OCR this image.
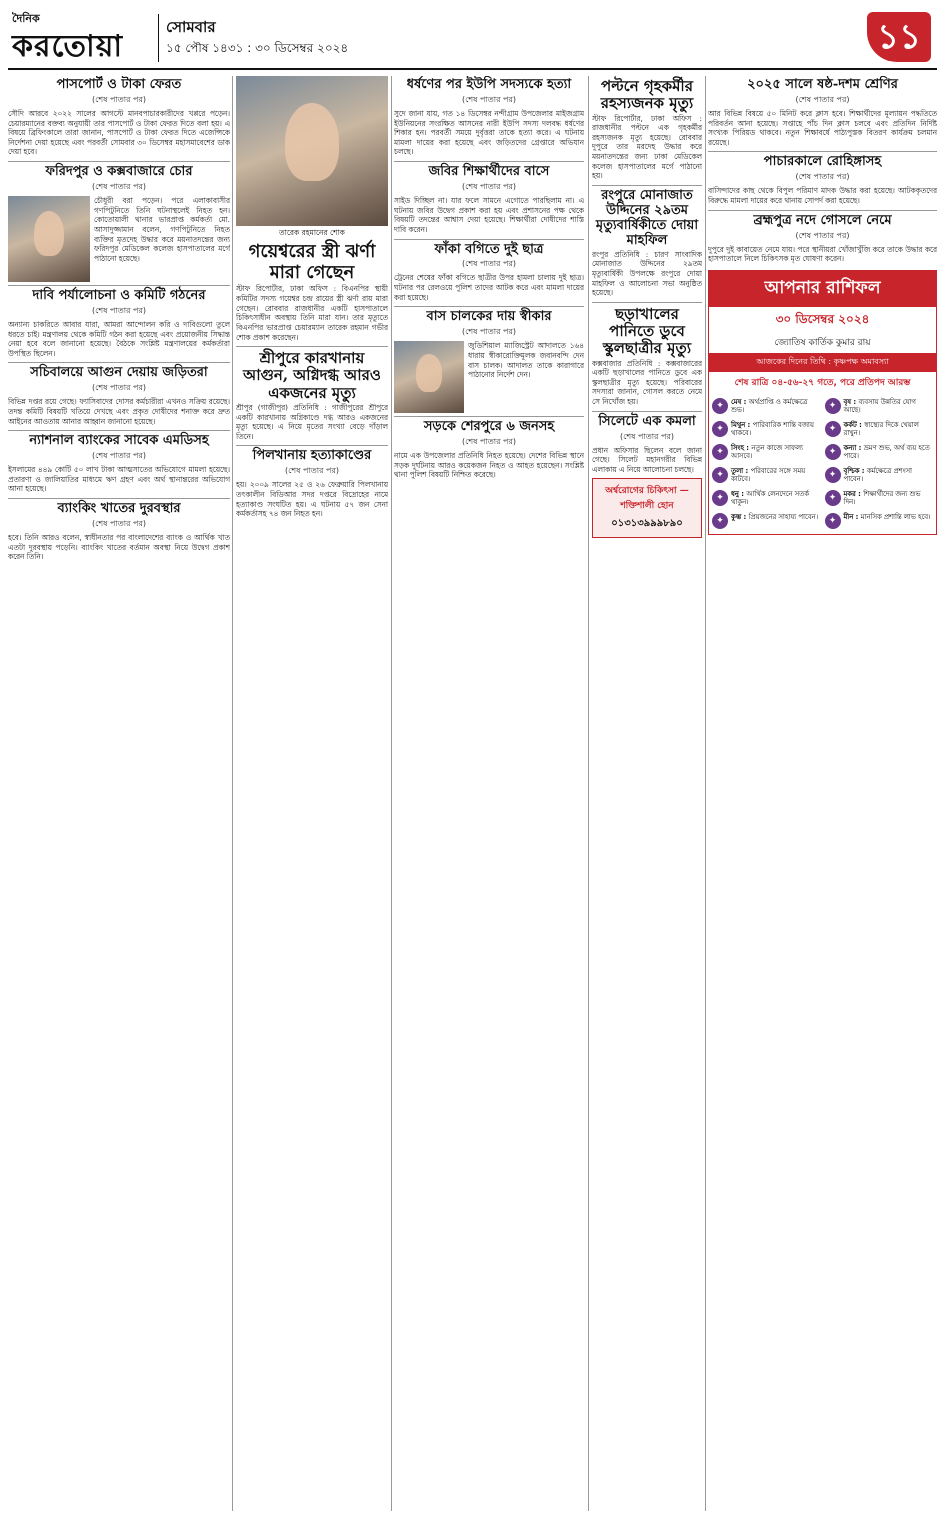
দৈনিক
করতোয়া
সোমবার
১৫ পৌষ ১৪৩১ : ৩০ ডিসেম্বর ২০২৪	১১
পাসপোর্ট ও টাকা ফেরত
(শেষ পাতার পর)

সৌদি আরবে ২০২২ সালের আগস্টে মানবপাচারকারীদের খপ্পরে পড়েন। চেয়ারম্যানের বক্তব্য অনুযায়ী তার পাসপোর্ট ও টাকা ফেরত দিতে বলা হয়। এ বিষয়ে ব্রিফিংকালে তারা জানান, পাসপোর্ট ও টাকা ফেরত দিতে এজেন্সিকে নির্দেশনা দেয়া হয়েছে এবং পরবর্তী সোমবার ৩০ ডিসেম্বর মহাসমাবেশের ডাক দেয়া হবে।

ফরিদপুর ও কক্সবাজারে চোর
(শেষ পাতার পর)

চৌধুরী বরা পড়েন। পরে এলাকাবাসীর গণপিটুনিতে তিনি ঘটনাস্থলেই নিহত হন। কোতোয়ালী থানার ভারপ্রাপ্ত কর্মকর্তা মো. আসাদুজ্জামান বলেন, গণপিটুনিতে নিহত ব্যক্তির মৃতদেহ উদ্ধার করে ময়নাতদন্তের জন্য ফরিদপুর মেডিকেল কলেজ হাসপাতালের মর্গে পাঠানো হয়েছে।

দাবি পর্যালোচনা ও কমিটি গঠনের
(শেষ পাতার পর)

অন্যান্য চাকরিতে আবার যারা, আমরা আন্দোলন করি ও দাবিগুলো তুলে ধরতে চাই। মন্ত্রণালয় থেকে কমিটি গঠন করা হয়েছে এবং প্রয়োজনীয় সিদ্ধান্ত নেয়া হবে বলে জানানো হয়েছে। বৈঠকে সংশ্লিষ্ট মন্ত্রণালয়ের কর্মকর্তারা উপস্থিত ছিলেন।

সচিবালয়ে আগুন দেয়ায় জড়িতরা
(শেষ পাতার পর)

বিভিন্ন দপ্তর রয়ে গেছে। ফ্যাসিবাদের দোসর কর্মচারীরা এখনও সক্রিয় রয়েছে। তদন্ত কমিটি বিষয়টি খতিয়ে দেখছে এবং প্রকৃত দোষীদের শনাক্ত করে দ্রুত আইনের আওতায় আনার আহ্বান জানানো হয়েছে।

ন্যাশনাল ব্যাংকের সাবেক এমডিসহ
(শেষ পাতার পর)

ইসলামের ৪৪৯ কোটি ৫০ লাখ টাকা আত্মসাতের অভিযোগে মামলা হয়েছে। প্রতারণা ও জালিয়াতির মাধ্যমে ঋণ গ্রহণ এবং অর্থ স্থানান্তরের অভিযোগ আনা হয়েছে।

ব্যাংকিং খাতের দুরবস্থার
(শেষ পাতার পর)

হবে। তিনি আরও বলেন, স্বাধীনতার পর বাংলাদেশের ব্যাংক ও আর্থিক খাত এতটা দুরবস্থায় পড়েনি। ব্যাংকিং খাতের বর্তমান অবস্থা নিয়ে উদ্বেগ প্রকাশ করেন তিনি।

তারেক রহমানের শোক
গয়েশ্বরের স্ত্রী ঝর্ণা মারা গেছেন

স্টাফ রিপোর্টার, ঢাকা অফিস : বিএনপির স্থায়ী কমিটির সদস্য গয়েশ্বর চন্দ্র রায়ের স্ত্রী ঝর্ণা রায় মারা গেছেন। রোববার রাজধানীর একটি হাসপাতালে চিকিৎসাধীন অবস্থায় তিনি মারা যান। তার মৃত্যুতে বিএনপির ভারপ্রাপ্ত চেয়ারম্যান তারেক রহমান গভীর শোক প্রকাশ করেছেন।

শ্রীপুরে কারখানায় আগুন, অগ্নিদগ্ধ আরও একজনের মৃত্যু

শ্রীপুর (গাজীপুর) প্রতিনিধি : গাজীপুরের শ্রীপুরে একটি কারখানায় অগ্নিকাণ্ডে দগ্ধ আরও একজনের মৃত্যু হয়েছে। এ নিয়ে মৃতের সংখ্যা বেড়ে দাঁড়াল তিনে।

পিলখানায় হত্যাকাণ্ডের
(শেষ পাতার পর)

হয়। ২০০৯ সালের ২৫ ও ২৬ ফেব্রুয়ারি পিলখানায় তৎকালীন বিডিআর সদর দপ্তরে বিদ্রোহের নামে হত্যাকাণ্ড সংঘটিত হয়। এ ঘটনায় ৫৭ জন সেনা কর্মকর্তাসহ ৭৪ জন নিহত হন।

ধর্ষণের পর ইউপি সদস্যকে হত্যা
(শেষ পাতার পর)

সুদে জানা যায়, গত ১৪ ডিসেম্বর নন্দীগ্রাম উপজেলার মাইজগ্রাম ইউনিয়নের সংরক্ষিত আসনের নারী ইউপি সদস্য দলবদ্ধ ধর্ষণের শিকার হন। পরবর্তী সময়ে দুর্বৃত্তরা তাকে হত্যা করে। এ ঘটনায় মামলা দায়ের করা হয়েছে এবং জড়িতদের গ্রেপ্তারে অভিযান চলছে।

জবির শিক্ষার্থীদের বাসে
(শেষ পাতার পর)

সাইড দিচ্ছিল না। যার ফলে সামনে এগোতে পারছিলাম না। এ ঘটনায় জবির উদ্বেগ প্রকাশ করা হয় এবং প্রশাসনের পক্ষ থেকে বিষয়টি তদন্তের আশ্বাস দেয়া হয়েছে। শিক্ষার্থীরা দোষীদের শাস্তি দাবি করেন।

ফাঁকা বগিতে দুই ছাত্র
(শেষ পাতার পর)

ট্রেনের শেষের ফাঁকা বগিতে ছাত্রীর উপর হামলা চালায় দুই ছাত্র। ঘটনার পর রেলওয়ে পুলিশ তাদের আটক করে এবং মামলা দায়ের করা হয়েছে।

বাস চালকের দায় স্বীকার
(শেষ পাতার পর)

জুডিশিয়াল ম্যাজিস্ট্রেট আদালতে ১৬৪ ধারায় স্বীকারোক্তিমূলক জবানবন্দি দেন বাস চালক। আদালত তাকে কারাগারে পাঠানোর নির্দেশ দেন।

সড়কে শেরপুরে ৬ জনসহ
(শেষ পাতার পর)

নামে এক উপজেলার প্রতিনিধি নিহত হয়েছে। দেশের বিভিন্ন স্থানে সড়ক দুর্ঘটনায় আরও কয়েকজন নিহত ও আহত হয়েছেন। সংশ্লিষ্ট থানা পুলিশ বিষয়টি নিশ্চিত করেছে।

পল্টনে গৃহকর্মীর রহস্যজনক মৃত্যু

স্টাফ রিপোর্টার, ঢাকা অফিস : রাজধানীর পল্টনে এক গৃহকর্মীর রহস্যজনক মৃত্যু হয়েছে। রোববার দুপুরে তার মরদেহ উদ্ধার করে ময়নাতদন্তের জন্য ঢাকা মেডিকেল কলেজ হাসপাতালের মর্গে পাঠানো হয়।

রংপুরে মোনাজাত উদ্দিনের ২৯তম মৃত্যুবার্ষিকীতে দোয়া মাহফিল

রংপুর প্রতিনিধি : চারণ সাংবাদিক মোনাজাত উদ্দিনের ২৯তম মৃত্যুবার্ষিকী উপলক্ষে রংপুরে দোয়া মাহফিল ও আলোচনা সভা অনুষ্ঠিত হয়েছে।

ছড়াখালের পানিতে ডুবে স্কুলছাত্রীর মৃত্যু

কক্সবাজার প্রতিনিধি : কক্সবাজারের একটি ছড়াখালের পানিতে ডুবে এক স্কুলছাত্রীর মৃত্যু হয়েছে। পরিবারের সদস্যরা জানান, গোসল করতে নেমে সে নিখোঁজ হয়।

সিলেটে এক কমলা
(শেষ পাতার পর)

প্রধান অফিসার ছিলেন বলে জানা গেছে। সিলেট মহানগরীর বিভিন্ন এলাকায় এ নিয়ে আলোচনা চলছে।

অর্শ্বরোগের চিকিৎসা — শক্তিশালী হোন
০১৩১৩৯৯৯৮৯০
২০২৫ সালে ষষ্ঠ-দশম শ্রেণির
(শেষ পাতার পর)

আর বিভিন্ন বিষয়ে ৫০ মিনিট করে ক্লাস হবে। শিক্ষার্থীদের মূল্যায়ন পদ্ধতিতে পরিবর্তন আনা হয়েছে। সপ্তাহে পাঁচ দিন ক্লাস চলবে এবং প্রতিদিন নির্দিষ্ট সংখ্যক পিরিয়ড থাকবে। নতুন শিক্ষাবর্ষে পাঠ্যপুস্তক বিতরণ কার্যক্রম চলমান রয়েছে।

পাচারকালে রোহিঙ্গাসহ
(শেষ পাতার পর)

বাসিন্দাদের কাছ থেকে বিপুল পরিমাণ মাদক উদ্ধার করা হয়েছে। আটককৃতদের বিরুদ্ধে মামলা দায়ের করে থানায় সোপর্দ করা হয়েছে।

ব্রহ্মপুত্র নদে গোসলে নেমে
(শেষ পাতার পর)

দুপুরে দুই কাবায়েত নেমে যায়। পরে স্থানীয়রা খোঁজাখুঁজি করে তাকে উদ্ধার করে হাসপাতালে নিলে চিকিৎসক মৃত ঘোষণা করেন।

আপনার রাশিফল
৩০ ডিসেম্বর ২০২৪
জ্যোতিষ কার্তিক কুমার রায়
আজকের দিনের তিথি : কৃষ্ণপক্ষ অমাবস্যা
শেষ রাত্রি ০৪-৫৬-২৭ গতে, পরে প্রতিপদ আরম্ভ
✦	মেষ : অর্থপ্রাপ্তি ও কর্মক্ষেত্রে শুভ।	✦	বৃষ : ব্যবসায় উন্নতির যোগ আছে।
✦	মিথুন : পারিবারিক শান্তি বজায় থাকবে।	✦	কর্কট : স্বাস্থ্যের দিকে খেয়াল রাখুন।
✦	সিংহ : নতুন কাজে সাফল্য আসবে।	✦	কন্যা : ভ্রমণ শুভ, অর্থ ব্যয় হতে পারে।
✦	তুলা : পরিবারের সঙ্গে সময় কাটবে।	✦	বৃশ্চিক : কর্মক্ষেত্রে প্রশংসা পাবেন।
✦	ধনু : আর্থিক লেনদেনে সতর্ক থাকুন।	✦	মকর : শিক্ষার্থীদের জন্য শুভ দিন।
✦	কুম্ভ : প্রিয়জনের সাহায্য পাবেন।	✦	মীন : মানসিক প্রশান্তি লাভ হবে।
